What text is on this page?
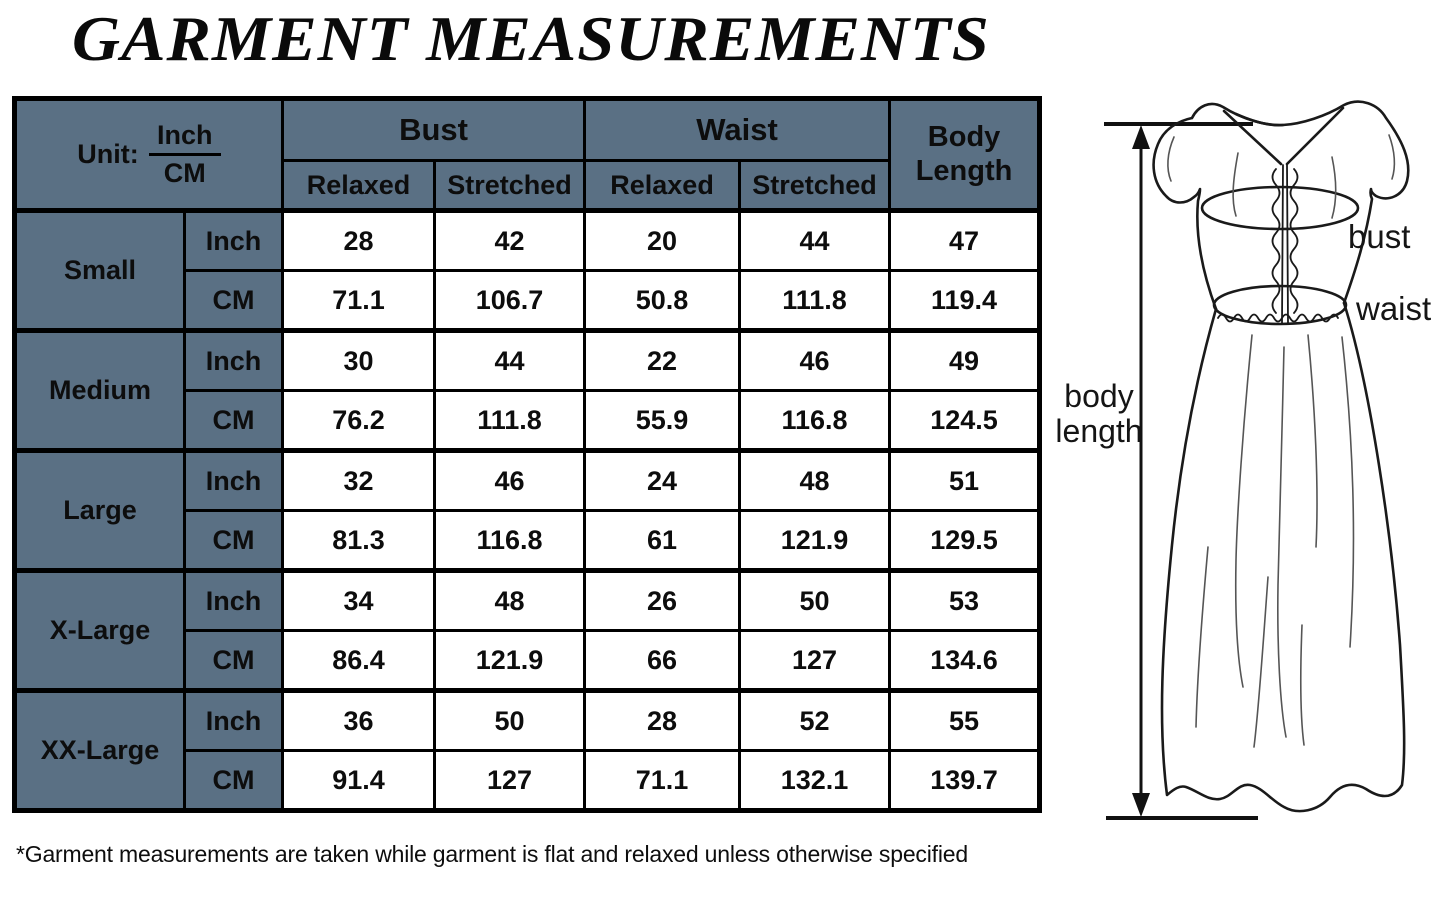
GARMENT MEASUREMENTS
Unit: $\frac{\text{Inch}}{CM}$		Bust		Waist		Body Length
		Relaxed	Stretched	Relaxed	Stretched	
Small	Inch	28	42	20	44	47
	CM	71.1	106.7	50.8	111.8	119.4
Medium	Inch	30	44	22	46	49
	CM	76.2	111.8	55.9	116.8	124.5
Large	Inch	32	46	24	48	51
	CM	81.3	116.8	61	121.9	129.5
X-Large	Inch	34	48	26	50	53
	CM	86.4	121.9	66	127	134.6
XX-Large	Inch	36	50	28	52	55
	CM	91.4	127	71.1	132.1	139.7

*Garment measurements are taken while garment is flat and relaxed unless otherwise specified

bust
waist
body length
